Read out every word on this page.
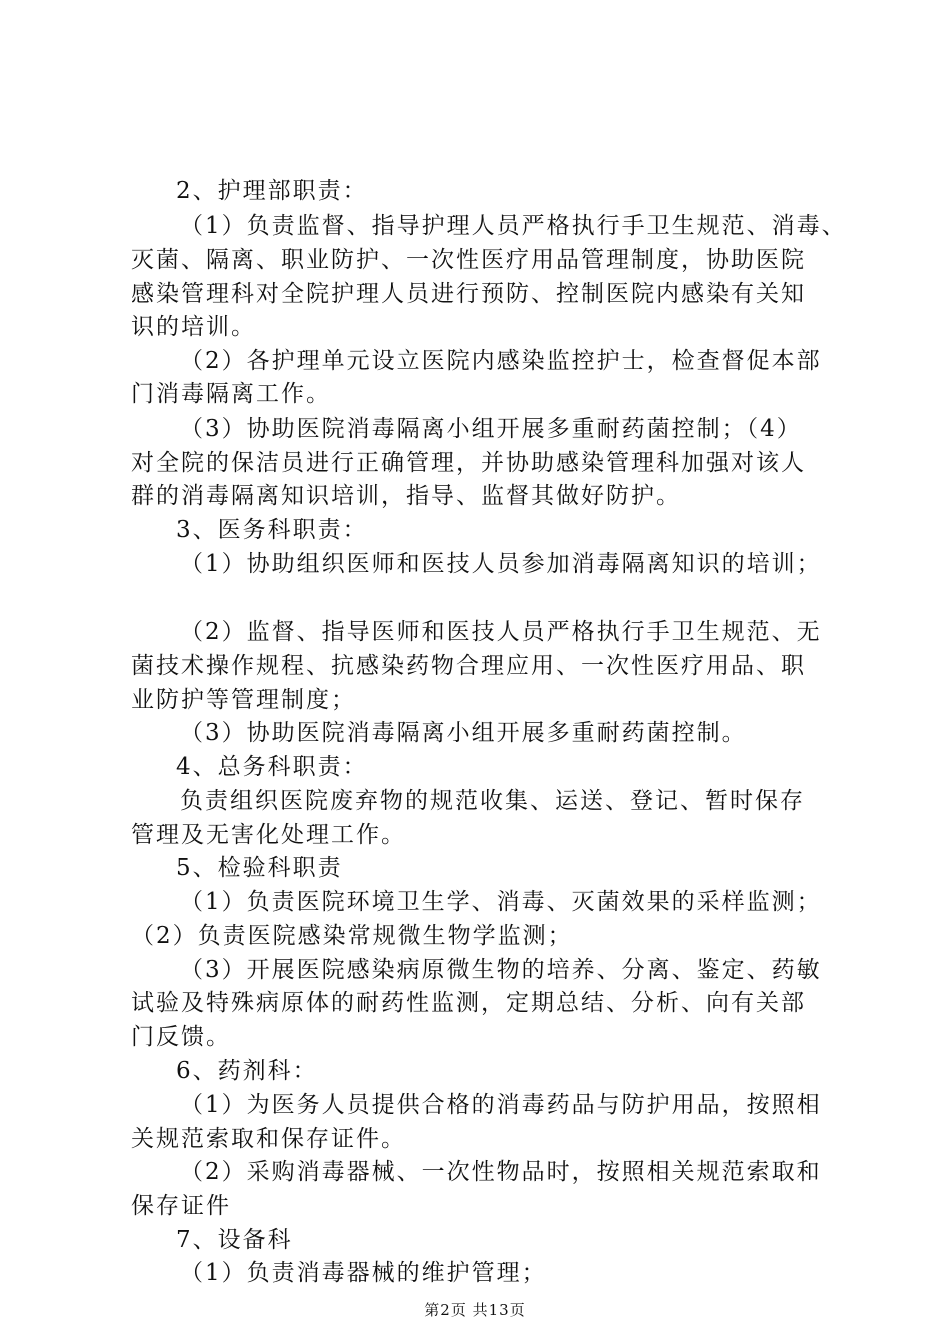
2、护理部职责：

（1）负责监督、指导护理人员严格执行手卫生规范、消毒、

灭菌、隔离、职业防护、一次性医疗用品管理制度，协助医院

感染管理科对全院护理人员进行预防、控制医院内感染有关知

识的培训。

（2）各护理单元设立医院内感染监控护士，检查督促本部

门消毒隔离工作。

（3）协助医院消毒隔离小组开展多重耐药菌控制；（4）

对全院的保洁员进行正确管理，并协助感染管理科加强对该人

群的消毒隔离知识培训，指导、监督其做好防护。

3、医务科职责：

（1）协助组织医师和医技人员参加消毒隔离知识的培训；

（2）监督、指导医师和医技人员严格执行手卫生规范、无

菌技术操作规程、抗感染药物合理应用、一次性医疗用品、职

业防护等管理制度；

（3）协助医院消毒隔离小组开展多重耐药菌控制。

4、总务科职责：

负责组织医院废弃物的规范收集、运送、登记、暂时保存

管理及无害化处理工作。

5、检验科职责

（1）负责医院环境卫生学、消毒、灭菌效果的采样监测；

（2）负责医院感染常规微生物学监测；

（3）开展医院感染病原微生物的培养、分离、鉴定、药敏

试验及特殊病原体的耐药性监测，定期总结、分析、向有关部

门反馈。

6、药剂科：

（1）为医务人员提供合格的消毒药品与防护用品，按照相

关规范索取和保存证件。

（2）采购消毒器械、一次性物品时，按照相关规范索取和

保存证件

7、设备科

（1）负责消毒器械的维护管理；

第2页 共13页
